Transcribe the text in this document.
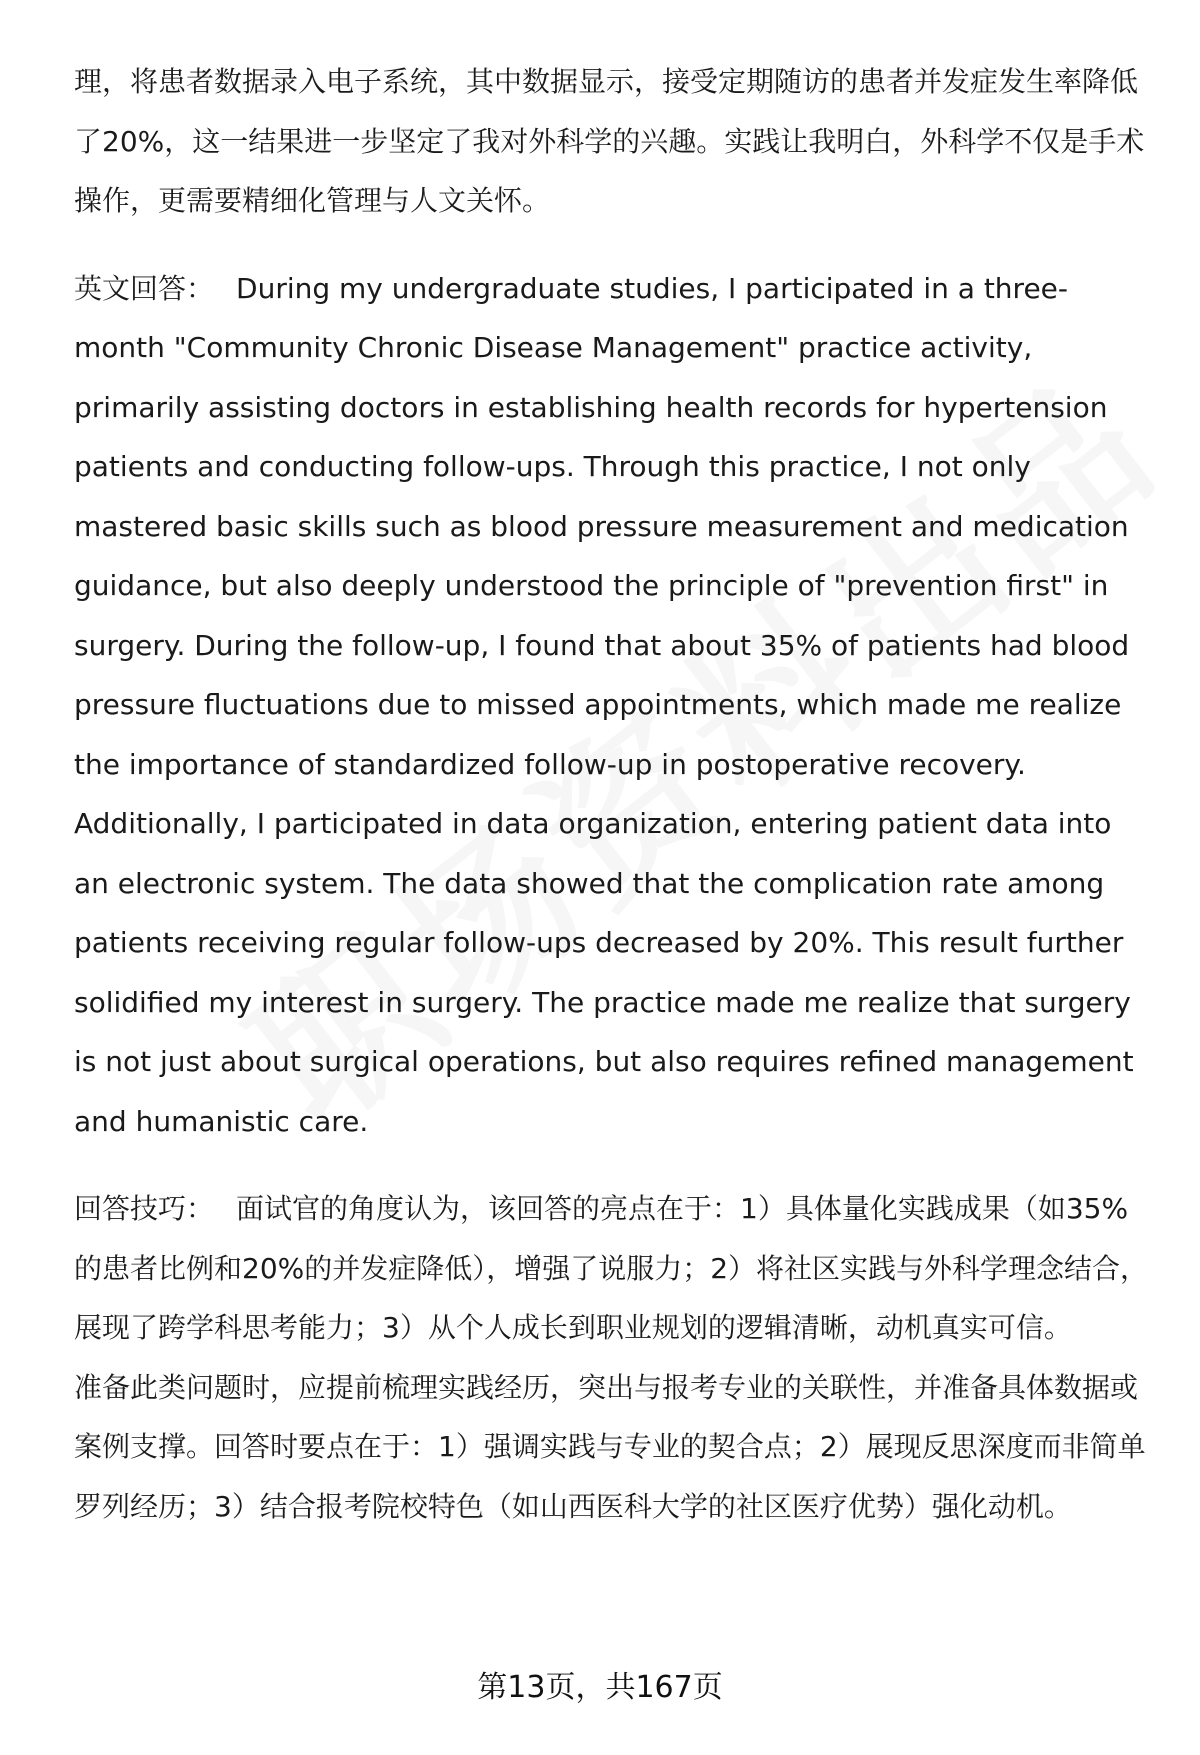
理，将患者数据录入电子系统，其中数据显示，接受定期随访的患者并发症发生率降低了20%，这一结果进一步坚定了我对外科学的兴趣。实践让我明白，外科学不仅是手术操作，更需要精细化管理与人文关怀。

英文回答： During my undergraduate studies, I participated in a three-month "Community Chronic Disease Management" practice activity, primarily assisting doctors in establishing health records for hypertension patients and conducting follow-ups. Through this practice, I not only mastered basic skills such as blood pressure measurement and medication guidance, but also deeply understood the principle of "prevention first" in surgery. During the follow-up, I found that about 35% of patients had blood pressure fluctuations due to missed appointments, which made me realize the importance of standardized follow-up in postoperative recovery. Additionally, I participated in data organization, entering patient data into an electronic system. The data showed that the complication rate among patients receiving regular follow-ups decreased by 20%. This result further solidified my interest in surgery. The practice made me realize that surgery is not just about surgical operations, but also requires refined management and humanistic care.

回答技巧： 面试官的角度认为，该回答的亮点在于：1）具体量化实践成果（如35%的患者比例和20%的并发症降低），增强了说服力；2）将社区实践与外科学理念结合，展现了跨学科思考能力；3）从个人成长到职业规划的逻辑清晰，动机真实可信。

准备此类问题时，应提前梳理实践经历，突出与报考专业的关联性，并准备具体数据或案例支撑。回答时要点在于：1）强调实践与专业的契合点；2）展现反思深度而非简单罗列经历；3）结合报考院校特色（如山西医科大学的社区医疗优势）强化动机。

第13页，共167页
